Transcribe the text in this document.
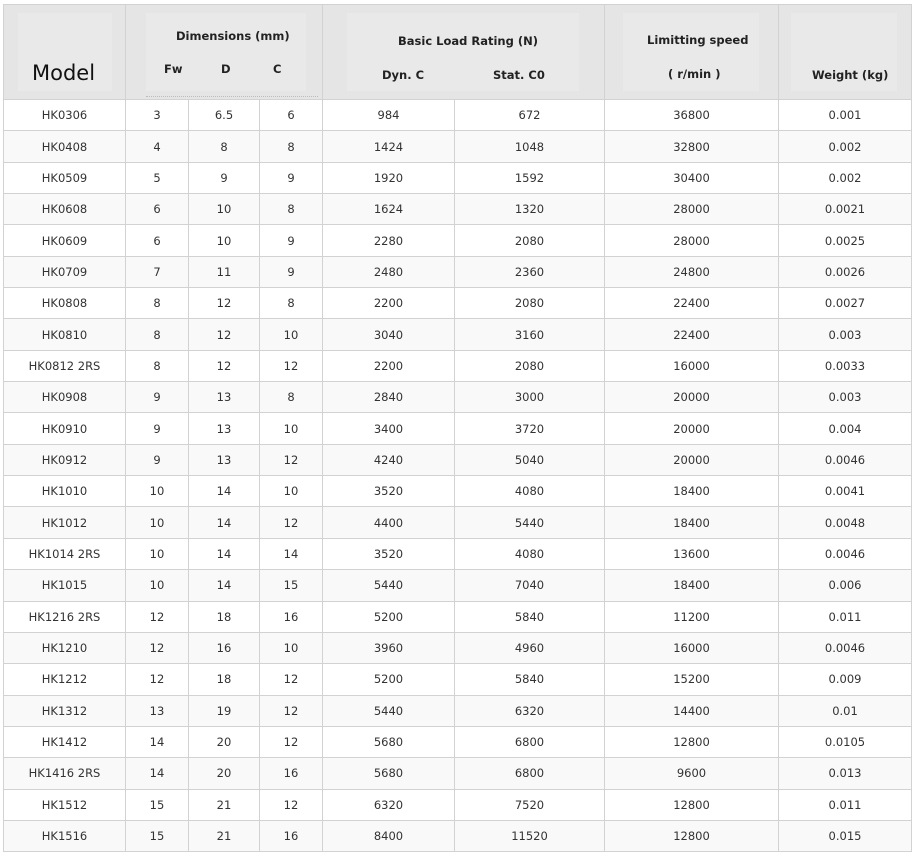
Model	Dimensions (mm)
Fw D C			Basic Load Rating (N)
Dyn. C Stat. C0		Limitting speed
( r/min )	Weight (kg)

HK0306	3	6.5	6	984	672	36800	0.001
HK0408	4	8	8	1424	1048	32800	0.002
HK0509	5	9	9	1920	1592	30400	0.002
HK0608	6	10	8	1624	1320	28000	0.0021
HK0609	6	10	9	2280	2080	28000	0.0025
HK0709	7	11	9	2480	2360	24800	0.0026
HK0808	8	12	8	2200	2080	22400	0.0027
HK0810	8	12	10	3040	3160	22400	0.003
HK0812 2RS	8	12	12	2200	2080	16000	0.0033
HK0908	9	13	8	2840	3000	20000	0.003
HK0910	9	13	10	3400	3720	20000	0.004
HK0912	9	13	12	4240	5040	20000	0.0046
HK1010	10	14	10	3520	4080	18400	0.0041
HK1012	10	14	12	4400	5440	18400	0.0048
HK1014 2RS	10	14	14	3520	4080	13600	0.0046
HK1015	10	14	15	5440	7040	18400	0.006
HK1216 2RS	12	18	16	5200	5840	11200	0.011
HK1210	12	16	10	3960	4960	16000	0.0046
HK1212	12	18	12	5200	5840	15200	0.009
HK1312	13	19	12	5440	6320	14400	0.01
HK1412	14	20	12	5680	6800	12800	0.0105
HK1416 2RS	14	20	16	5680	6800	9600	0.013
HK1512	15	21	12	6320	7520	12800	0.011
HK1516	15	21	16	8400	11520	12800	0.015
